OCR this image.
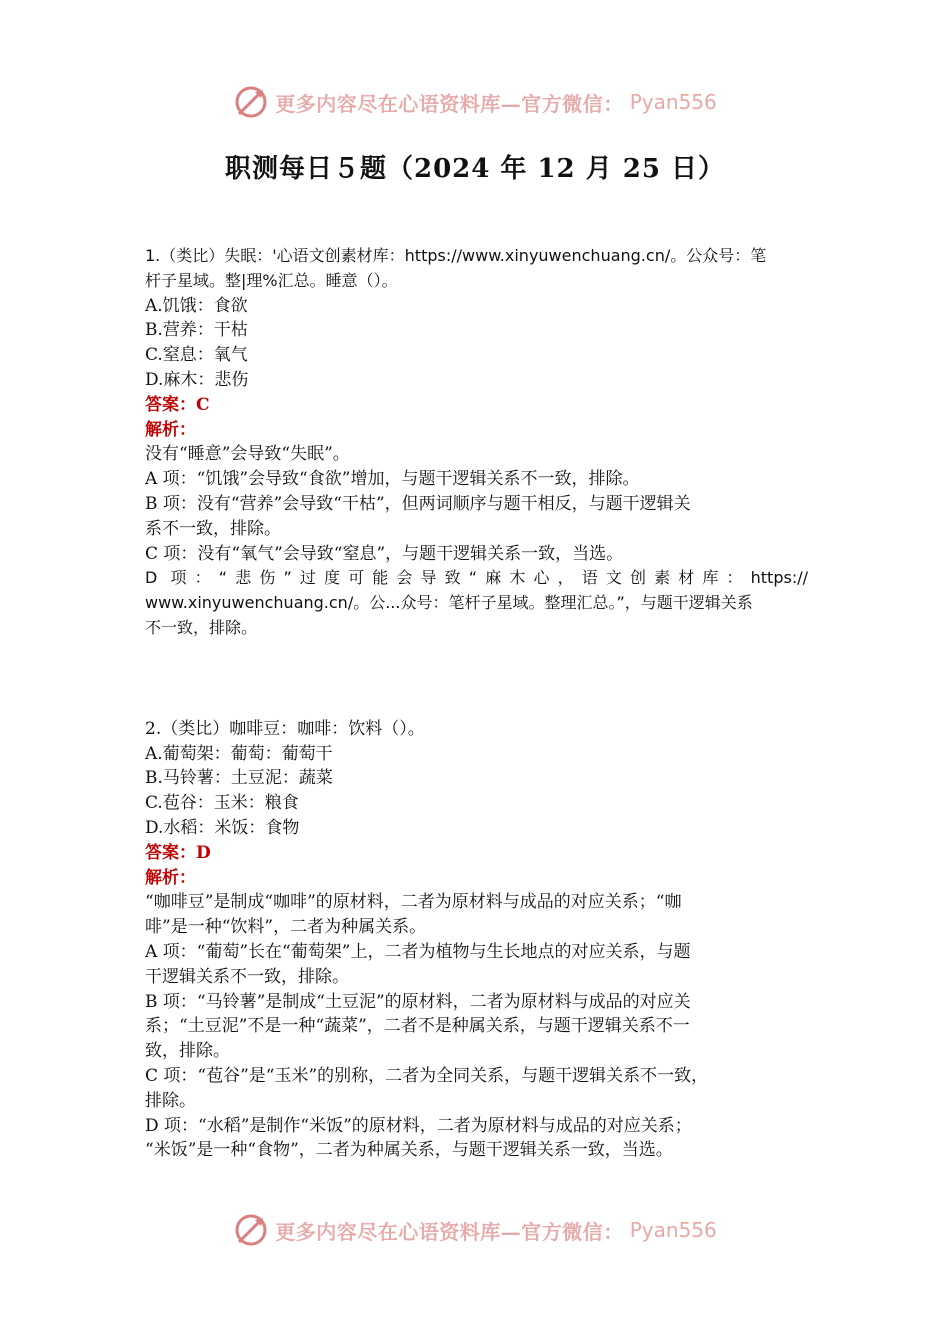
更多内容尽在心语资料库—官方微信： Pyan556
职测每日５题（2024 年 12 月 25 日）
1.（类比）失眠：'心语文创素材库：https://www.xinyuwenchuang.cn/。公众号：笔
杆子星域。整|理%汇总。睡意（）。
A.饥饿：食欲
B.营养：干枯
C.窒息：氧气
D.麻木：悲伤
答案：C
解析：
没有“睡意”会导致“失眠”。
A 项：“饥饿”会导致“食欲”增加，与题干逻辑关系不一致，排除。
B 项：没有“营养”会导致“干枯”，但两词顺序与题干相反，与题干逻辑关
系不一致，排除。
C 项：没有“氧气”会导致“窒息”，与题干逻辑关系一致，当选。
D 项：“悲伤”过度可能会导致“麻木心，语文创素材库：https://
www.xinyuwenchuang.cn/。公...众号：笔杆子星域。整理汇总。”，与题干逻辑关系
不一致，排除。
2.（类比）咖啡豆：咖啡：饮料（）。
A.葡萄架：葡萄：葡萄干
B.马铃薯：土豆泥：蔬菜
C.苞谷：玉米：粮食
D.水稻：米饭：食物
答案：D
解析：
“咖啡豆”是制成“咖啡”的原材料，二者为原材料与成品的对应关系；“咖
啡”是一种“饮料”，二者为种属关系。
A 项：“葡萄”长在“葡萄架”上，二者为植物与生长地点的对应关系，与题
干逻辑关系不一致，排除。
B 项：“马铃薯”是制成“土豆泥”的原材料，二者为原材料与成品的对应关
系；“土豆泥”不是一种“蔬菜”，二者不是种属关系，与题干逻辑关系不一
致，排除。
C 项：“苞谷”是“玉米”的别称，二者为全同关系，与题干逻辑关系不一致，
排除。
D 项：“水稻”是制作“米饭”的原材料，二者为原材料与成品的对应关系；
“米饭”是一种“食物”，二者为种属关系，与题干逻辑关系一致，当选。
更多内容尽在心语资料库—官方微信： Pyan556
